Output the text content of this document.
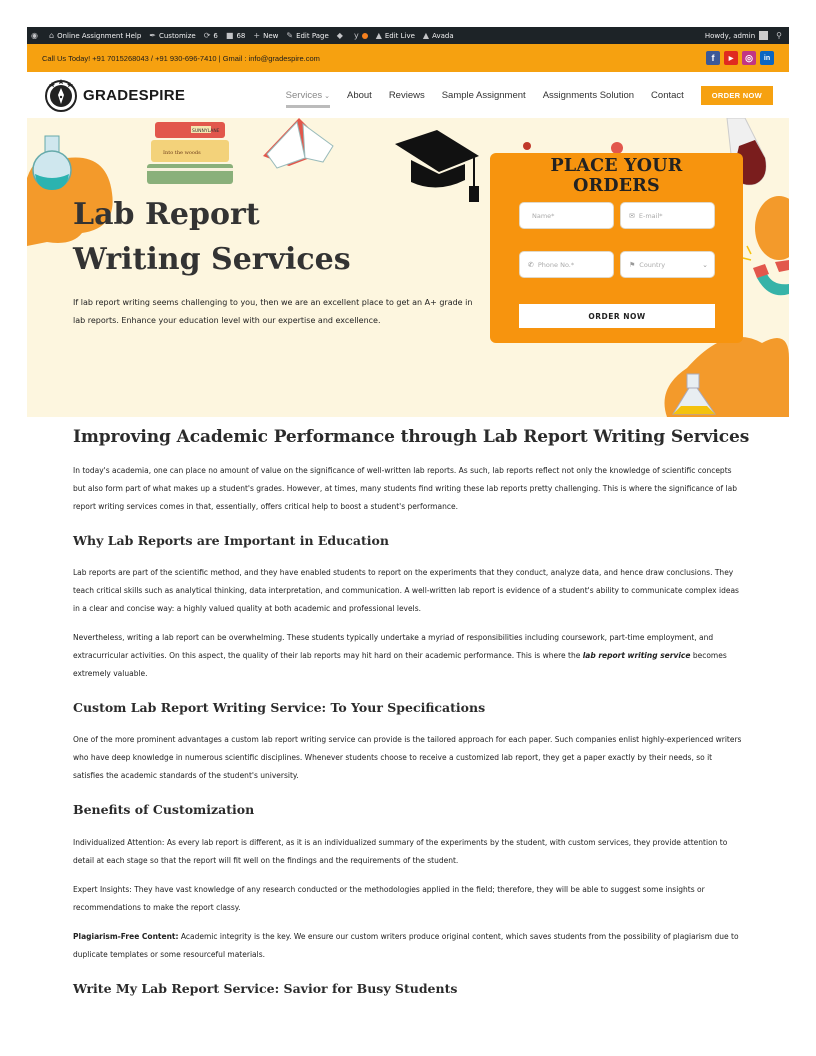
◉ ⌂ Online Assignment Help ✒ Customize ⟳ 6 ■ 68 + New ✎ Edit Page ◆ y ▲ Edit Live ▲ Avada	Howdy, admin	⚲
Call Us Today! +91 7015268043 / +91 930-696-7410 | Gmail : info@gradespire.com	f	▶	◎	in
GRADESPIRE	Services ⌄ About Reviews Sample Assignment Assignments Solution Contact	ORDER NOW
SUNNYLANE
Into the woods
Lab Report Writing Services

If lab report writing seems challenging to you, then we are an excellent place to get an A+ grade in lab reports. Enhance your education level with our expertise and excellence.

PLACE YOUR ORDERS
Name*	✉ E-mail*
✆ Phone No.*	⚑ Country	⌄
ORDER NOW
Improving Academic Performance through Lab Report Writing Services

In today's academia, one can place no amount of value on the significance of well-written lab reports. As such, lab reports reflect not only the knowledge of scientific concepts but also form part of what makes up a student's grades. However, at times, many students find writing these lab reports pretty challenging. This is where the significance of lab report writing services comes in that, essentially, offers critical help to boost a student's performance.

Why Lab Reports are Important in Education

Lab reports are part of the scientific method, and they have enabled students to report on the experiments that they conduct, analyze data, and hence draw conclusions. They teach critical skills such as analytical thinking, data interpretation, and communication. A well-written lab report is evidence of a student's ability to communicate complex ideas in a clear and concise way: a highly valued quality at both academic and professional levels.

Nevertheless, writing a lab report can be overwhelming. These students typically undertake a myriad of responsibilities including coursework, part-time employment, and extracurricular activities. On this aspect, the quality of their lab reports may hit hard on their academic performance. This is where the lab report writing service becomes extremely valuable.

Custom Lab Report Writing Service: To Your Specifications

One of the more prominent advantages a custom lab report writing service can provide is the tailored approach for each paper. Such companies enlist highly-experienced writers who have deep knowledge in numerous scientific disciplines. Whenever students choose to receive a customized lab report, they get a paper exactly by their needs, so it satisfies the academic standards of the student's university.

Benefits of Customization

Individualized Attention: As every lab report is different, as it is an individualized summary of the experiments by the student, with custom services, they provide attention to detail at each stage so that the report will fit well on the findings and the requirements of the student.

Expert Insights: They have vast knowledge of any research conducted or the methodologies applied in the field; therefore, they will be able to suggest some insights or recommendations to make the report classy.

Plagiarism-Free Content: Academic integrity is the key. We ensure our custom writers produce original content, which saves students from the possibility of plagiarism due to duplicate templates or some resourceful materials.

Write My Lab Report Service: Savior for Busy Students
